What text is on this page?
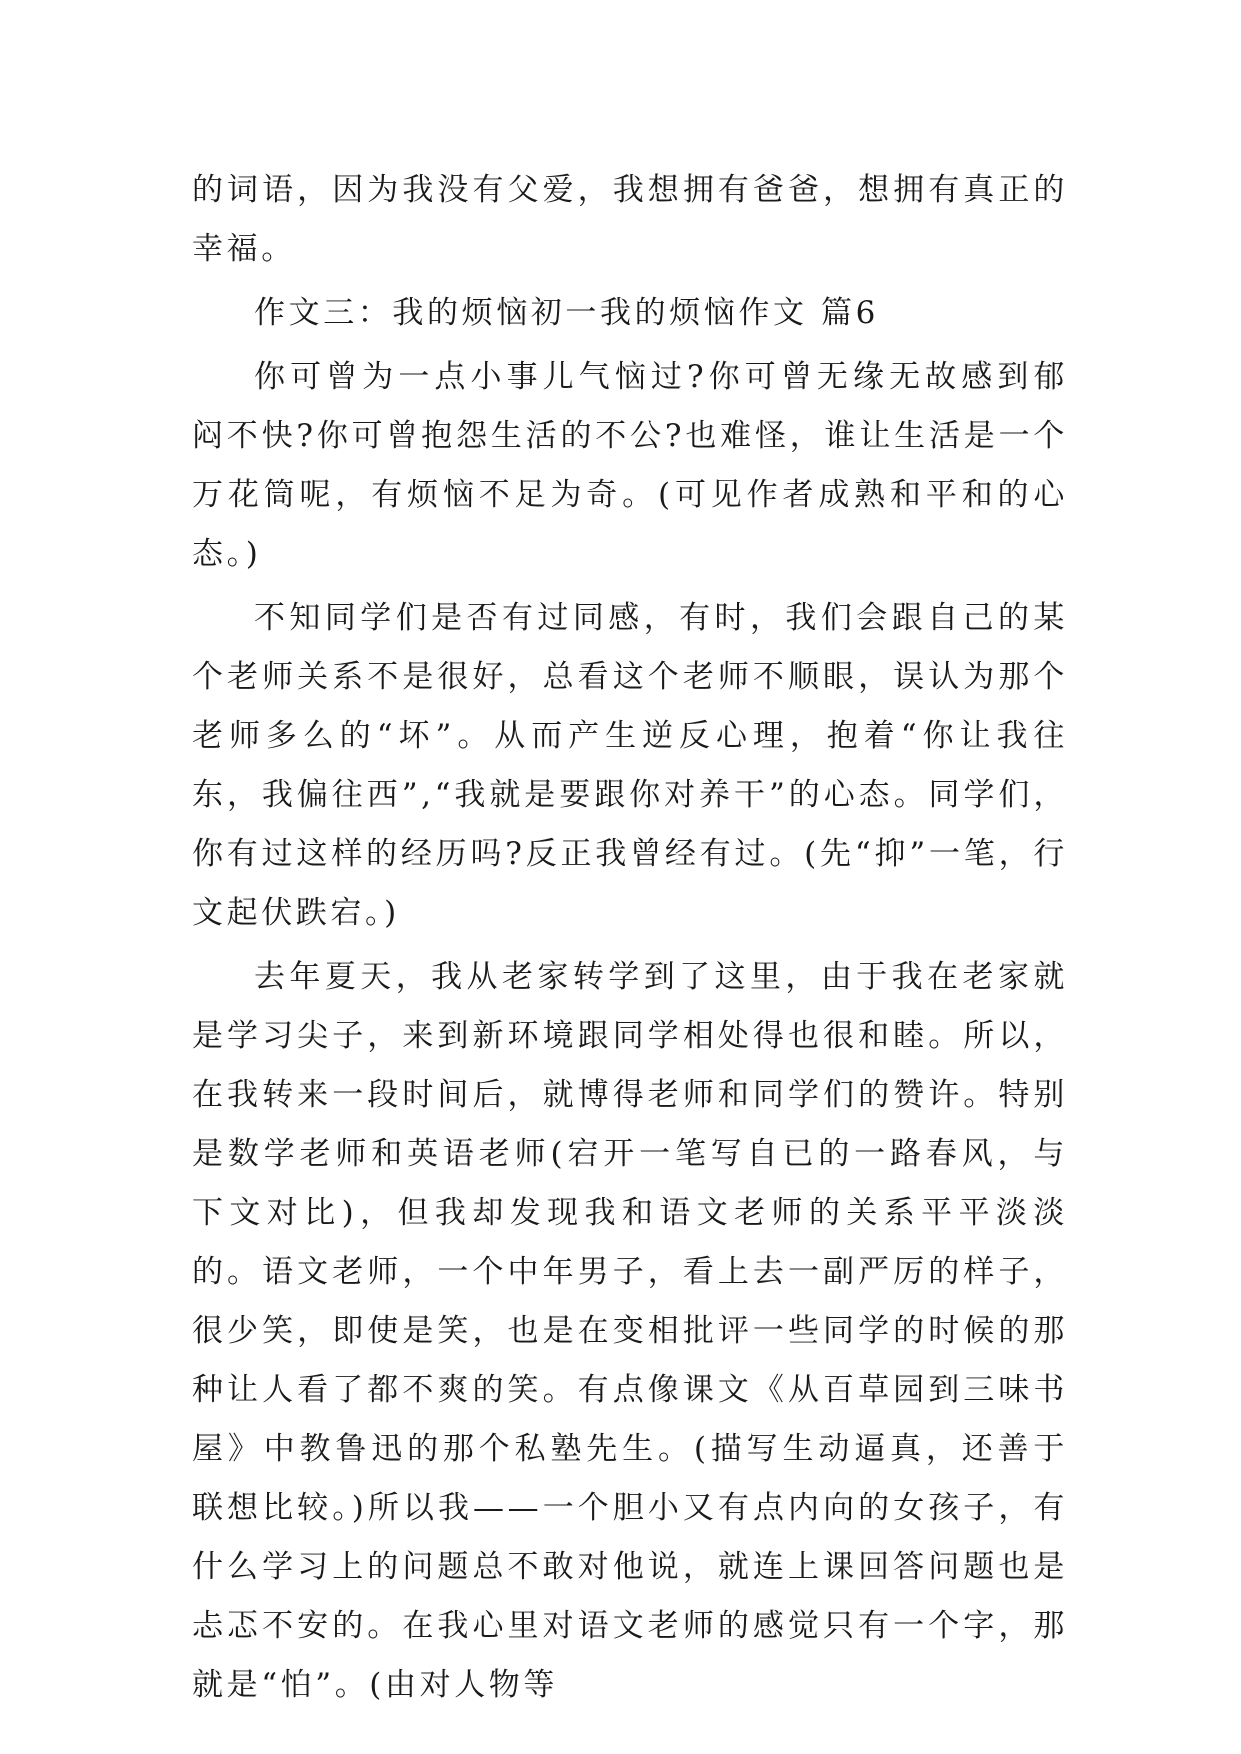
的词语，因为我没有父爱，我想拥有爸爸，想拥有真正的幸福。

作文三：我的烦恼初一我的烦恼作文 篇6

你可曾为一点小事儿气恼过?你可曾无缘无故感到郁闷不快?你可曾抱怨生活的不公?也难怪，谁让生活是一个万花筒呢，有烦恼不足为奇。(可见作者成熟和平和的心态。)

不知同学们是否有过同感，有时，我们会跟自己的某个老师关系不是很好，总看这个老师不顺眼，误认为那个老师多么的“坏”。从而产生逆反心理，抱着“你让我往东，我偏往西”,“我就是要跟你对养干”的心态。同学们，你有过这样的经历吗?反正我曾经有过。(先“抑”一笔，行文起伏跌宕。)

去年夏天，我从老家转学到了这里，由于我在老家就是学习尖子，来到新环境跟同学相处得也很和睦。所以，在我转来一段时间后，就博得老师和同学们的赞许。特别是数学老师和英语老师(宕开一笔写自已的一路春风，与下文对比)，但我却发现我和语文老师的关系平平淡淡的。语文老师，一个中年男子，看上去一副严厉的样子，很少笑，即使是笑，也是在变相批评一些同学的时候的那种让人看了都不爽的笑。有点像课文《从百草园到三味书屋》中教鲁迅的那个私塾先生。(描写生动逼真，还善于联想比较。)所以我——一个胆小又有点内向的女孩子，有什么学习上的问题总不敢对他说，就连上课回答问题也是忐忑不安的。在我心里对语文老师的感觉只有一个字，那就是“怕”。(由对人物等
